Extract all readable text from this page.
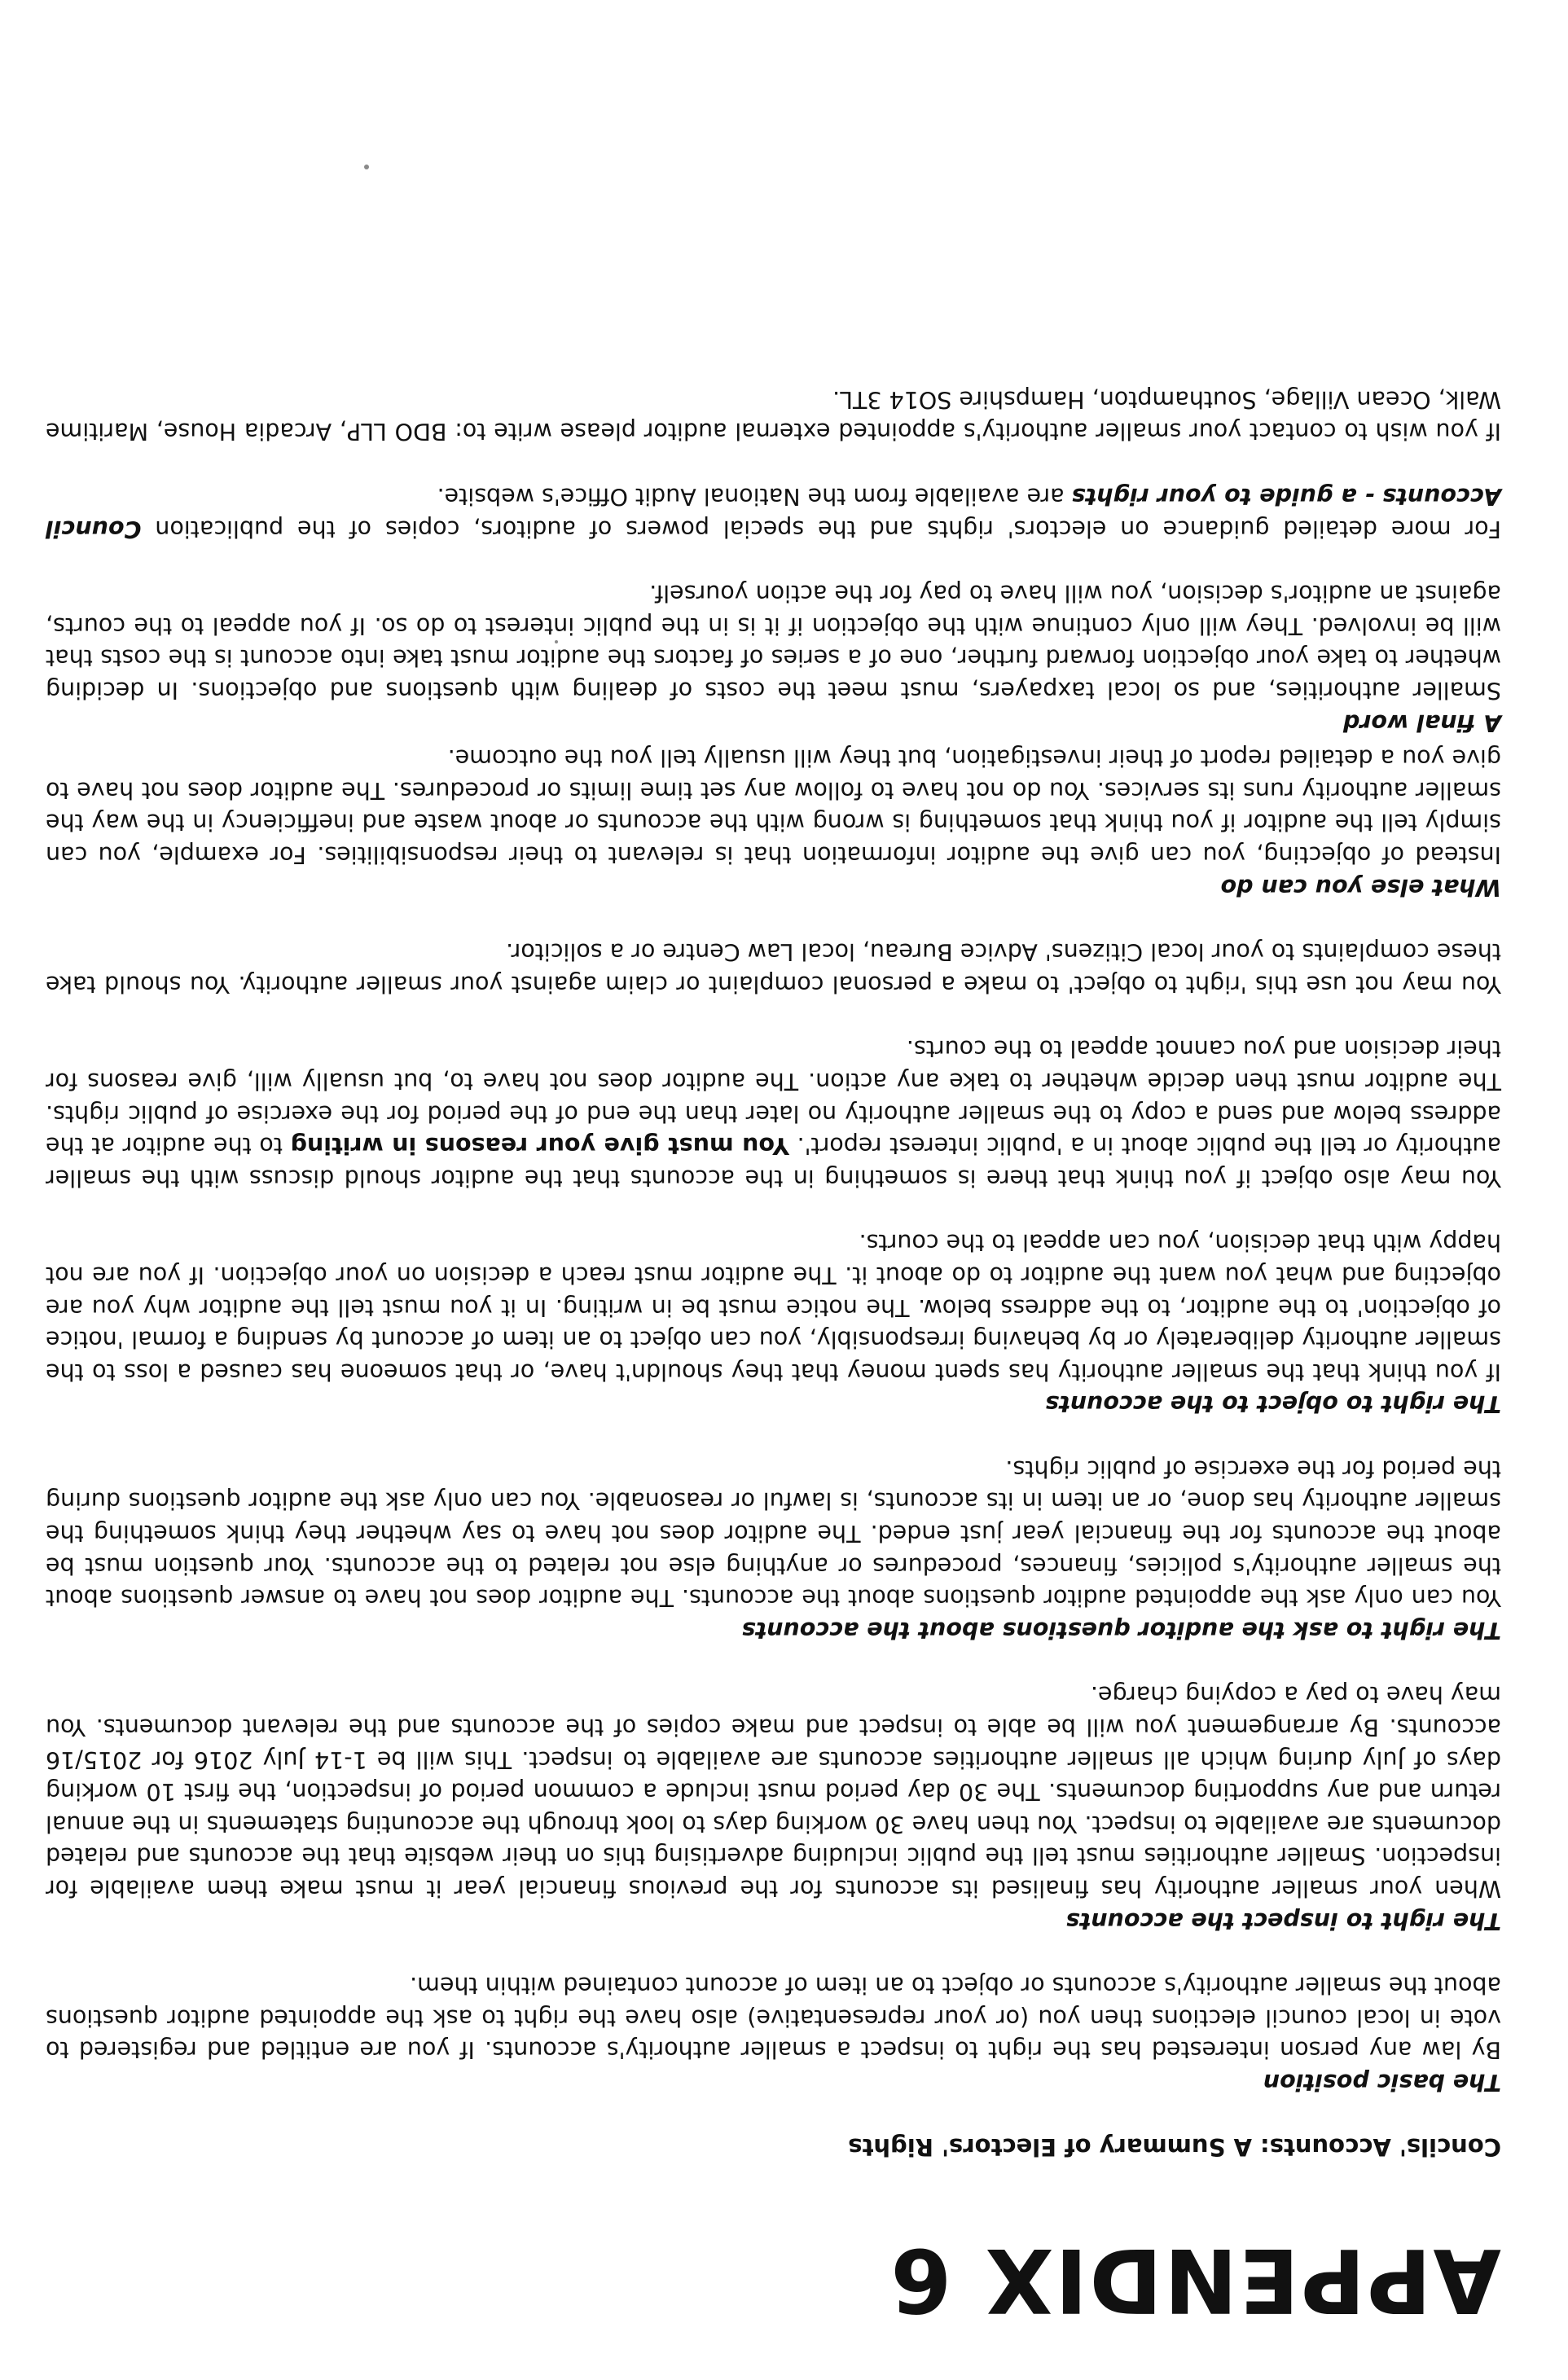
APPENDIX 6
Concils' Accounts: A Summary of Electors' Rights
The basic position

By law any person interested has the right to inspect a smaller authority's accounts. If you are entitled and registered to vote in local council elections then you (or your representative) also have the right to ask the appointed auditor questions about the smaller authority's accounts or object to an item of account contained within them.

The right to inspect the accounts

When your smaller authority has finalised its accounts for the previous financial year it must make them available for inspection. Smaller authorities must tell the public including advertising this on their website that the accounts and related documents are available to inspect. You then have 30 working days to look through the accounting statements in the annual return and any supporting documents. The 30 day period must include a common period of inspection, the first 10 working days of July during which all smaller authorities accounts are available to inspect. This will be 1-14 July 2016 for 2015/16 accounts. By arrangement you will be able to inspect and make copies of the accounts and the relevant documents. You may have to pay a copying charge.

The right to ask the auditor questions about the accounts

You can only ask the appointed auditor questions about the accounts. The auditor does not have to answer questions about the smaller authority's policies, finances, procedures or anything else not related to the accounts. Your question must be about the accounts for the financial year just ended. The auditor does not have to say whether they think something the smaller authority has done, or an item in its accounts, is lawful or reasonable. You can only ask the auditor questions during the period for the exercise of public rights.

The right to object to the accounts

If you think that the smaller authority has spent money that they shouldn't have, or that someone has caused a loss to the smaller authority deliberately or by behaving irresponsibly, you can object to an item of account by sending a formal 'notice of objection' to the auditor, to the address below. The notice must be in writing. In it you must tell the auditor why you are objecting and what you want the auditor to do about it. The auditor must reach a decision on your objection. If you are not happy with that decision, you can appeal to the courts.

You may also object if you think that there is something in the accounts that the auditor should discuss with the smaller authority or tell the public about in a 'public interest report'. You must give your reasons in writing to the auditor at the address below and send a copy to the smaller authority no later than the end of the period for the exercise of public rights. The auditor must then decide whether to take any action. The auditor does not have to, but usually will, give reasons for their decision and you cannot appeal to the courts.

You may not use this 'right to object' to make a personal complaint or claim against your smaller authority. You should take these complaints to your local Citizens' Advice Bureau, local Law Centre or a solicitor.

What else you can do

Instead of objecting, you can give the auditor information that is relevant to their responsibilities. For example, you can simply tell the auditor if you think that something is wrong with the accounts or about waste and inefficiency in the way the smaller authority runs its services. You do not have to follow any set time limits or procedures. The auditor does not have to give you a detailed report of their investigation, but they will usually tell you the outcome.

A final word

Smaller authorities, and so local taxpayers, must meet the costs of dealing with questions and objections. In deciding whether to take your objection forward further, one of a series of factors the auditor must take into account is the costs that will be involved. They will only continue with the objection if it is in the public interest to do so. If you appeal to the courts, against an auditor's decision, you will have to pay for the action yourself.

For more detailed guidance on electors' rights and the special powers of auditors, copies of the publication Council Accounts - a guide to your rights are available from the National Audit Office's website.

If you wish to contact your smaller authority's appointed external auditor please write to: BDO LLP, Arcadia House, Maritime Walk, Ocean Village, Southampton, Hampshire SO14 3TL.
